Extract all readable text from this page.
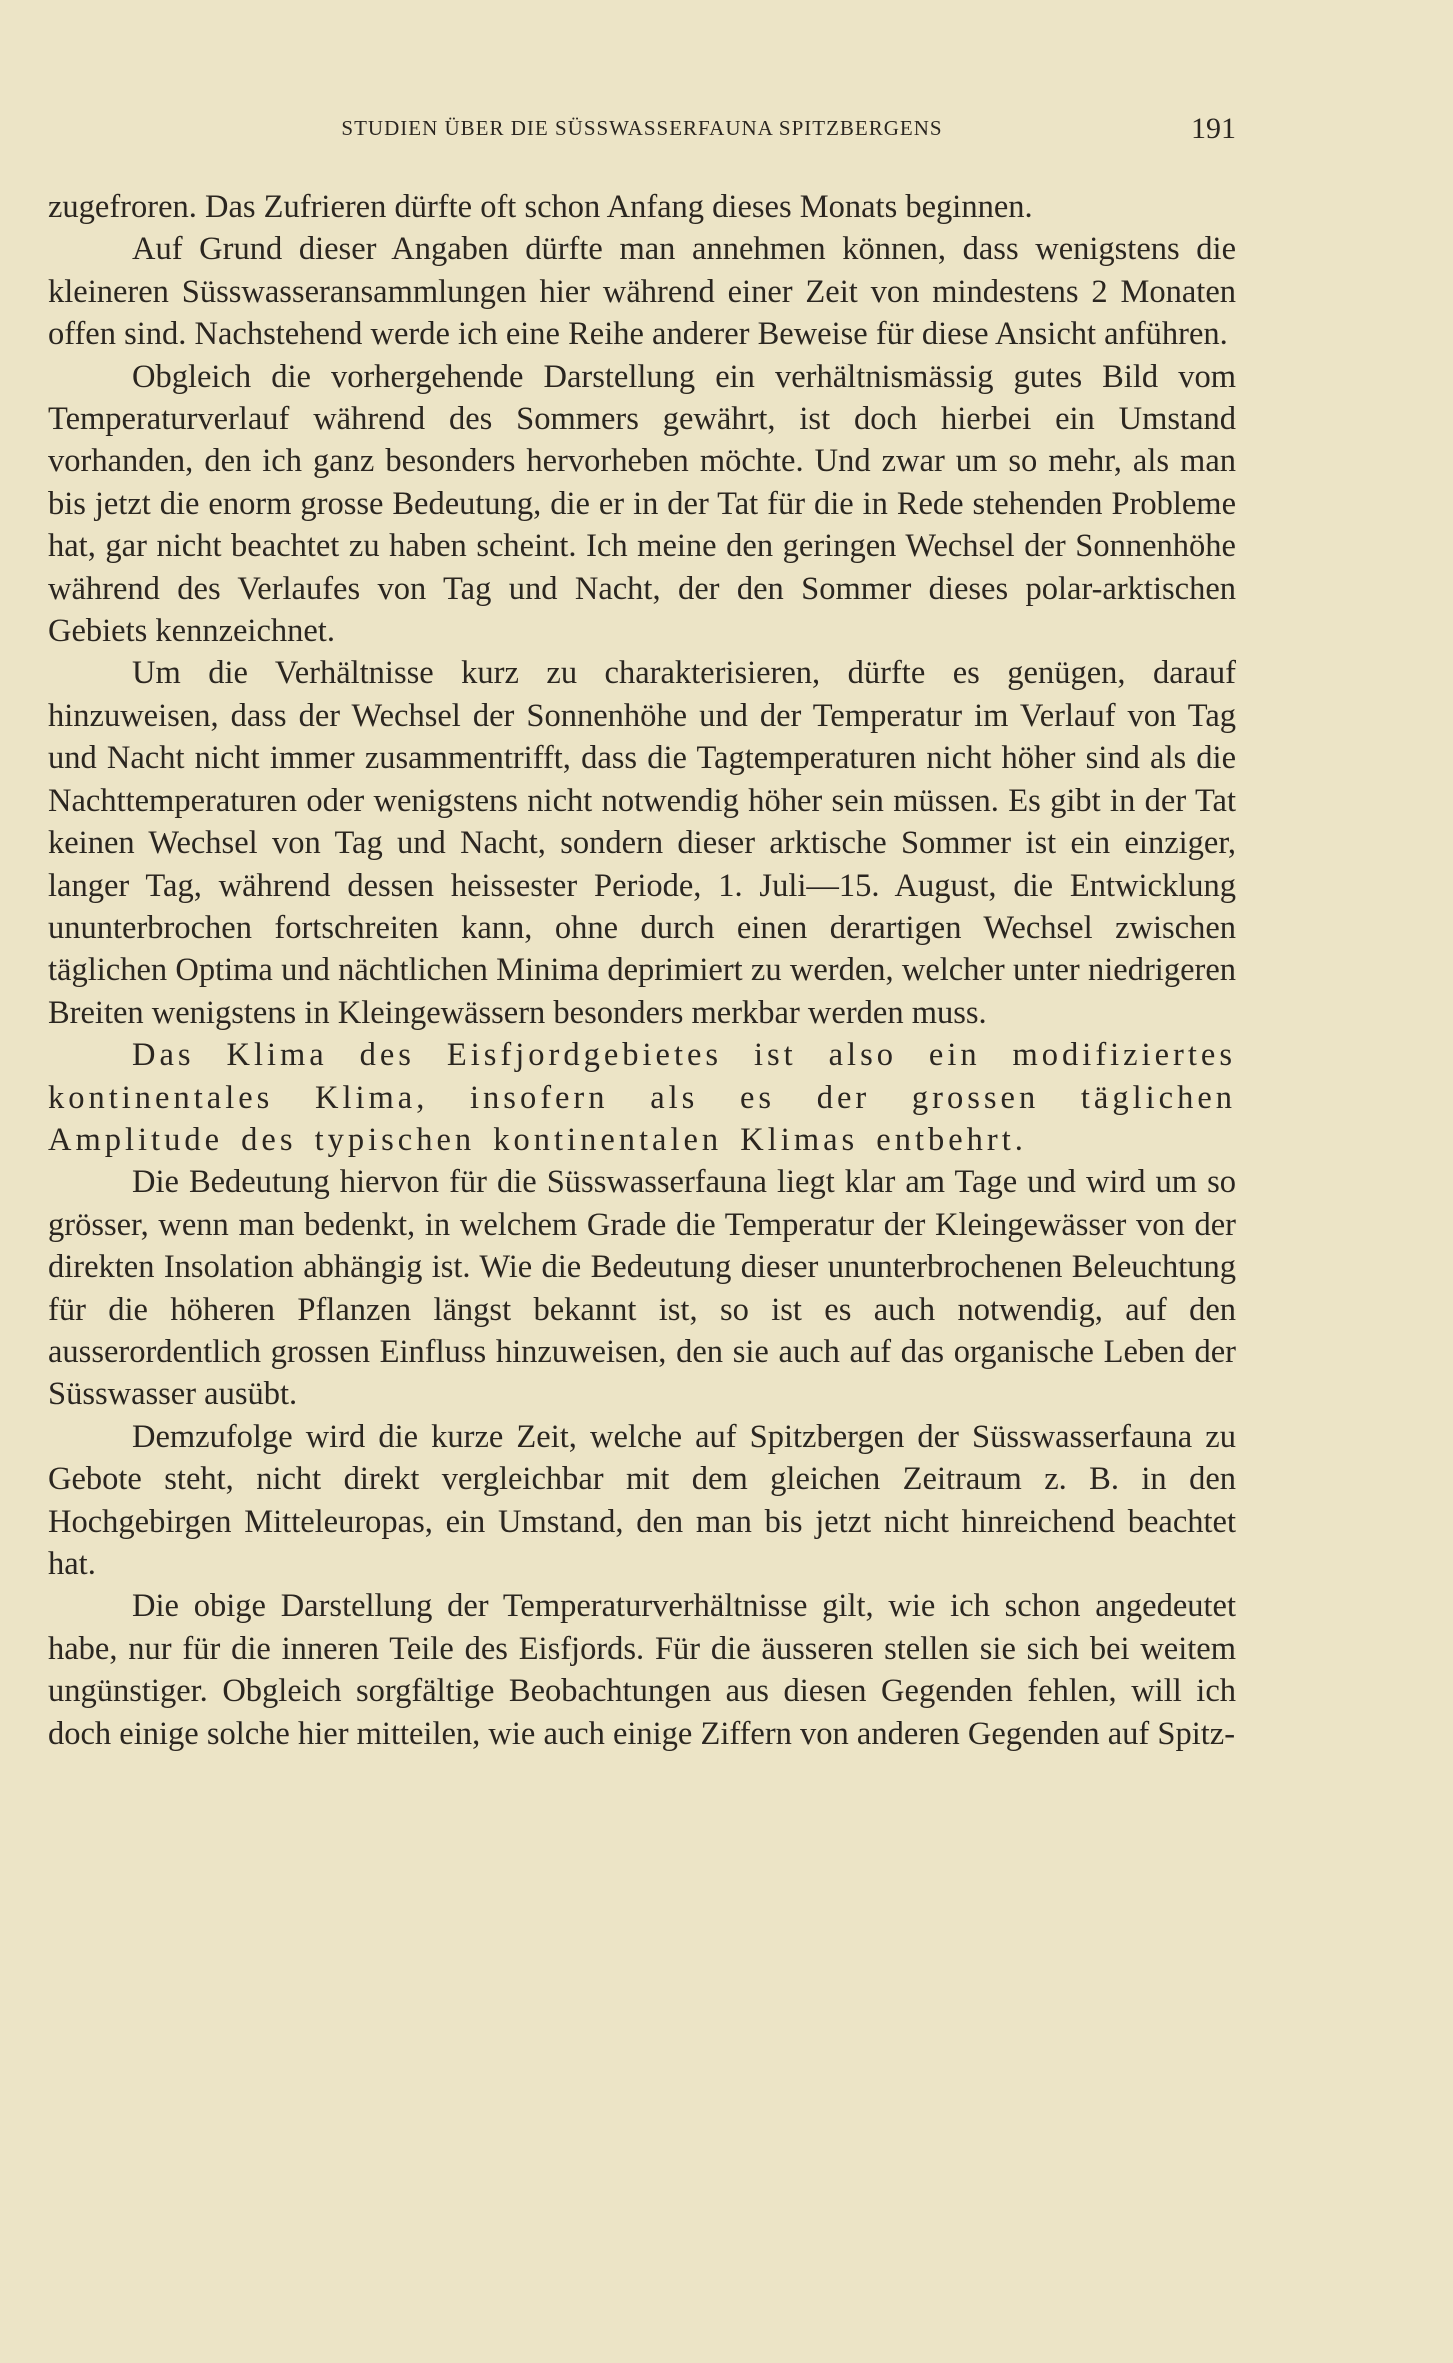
STUDIEN ÜBER DIE SÜSSWASSERFAUNA SPITZBERGENS	191

zugefroren. Das Zufrieren dürfte oft schon Anfang dieses Monats beginnen.

Auf Grund dieser Angaben dürfte man annehmen können, dass wenigstens die kleineren Süsswasseransammlungen hier während einer Zeit von mindestens 2 Monaten offen sind. Nachstehend werde ich eine Reihe anderer Beweise für diese Ansicht anführen.

Obgleich die vorhergehende Darstellung ein verhältnismässig gutes Bild vom Temperaturverlauf während des Sommers gewährt, ist doch hierbei ein Umstand vorhanden, den ich ganz besonders hervorheben möchte. Und zwar um so mehr, als man bis jetzt die enorm grosse Bedeutung, die er in der Tat für die in Rede stehenden Probleme hat, gar nicht beachtet zu haben scheint. Ich meine den geringen Wechsel der Sonnenhöhe während des Verlaufes von Tag und Nacht, der den Sommer dieses polar-arktischen Gebiets kennzeichnet.

Um die Verhältnisse kurz zu charakterisieren, dürfte es genügen, darauf hinzuweisen, dass der Wechsel der Sonnenhöhe und der Temperatur im Verlauf von Tag und Nacht nicht immer zusammentrifft, dass die Tagtemperaturen nicht höher sind als die Nachttemperaturen oder wenigstens nicht notwendig höher sein müssen. Es gibt in der Tat keinen Wechsel von Tag und Nacht, sondern dieser arktische Sommer ist ein einziger, langer Tag, während dessen heissester Periode, 1. Juli—15. August, die Entwicklung ununterbrochen fortschreiten kann, ohne durch einen derartigen Wechsel zwischen täglichen Optima und nächtlichen Minima deprimiert zu werden, welcher unter niedrigeren Breiten wenigstens in Kleingewässern besonders merkbar werden muss.

Das Klima des Eisfjordgebietes ist also ein modifiziertes kontinentales Klima, insofern als es der grossen täglichen Amplitude des typischen kontinentalen Klimas entbehrt.

Die Bedeutung hiervon für die Süsswasserfauna liegt klar am Tage und wird um so grösser, wenn man bedenkt, in welchem Grade die Temperatur der Kleingewässer von der direkten Insolation abhängig ist. Wie die Bedeutung dieser ununterbrochenen Beleuchtung für die höheren Pflanzen längst bekannt ist, so ist es auch notwendig, auf den ausserordentlich grossen Einfluss hinzuweisen, den sie auch auf das organische Leben der Süsswasser ausübt.

Demzufolge wird die kurze Zeit, welche auf Spitzbergen der Süsswasserfauna zu Gebote steht, nicht direkt vergleichbar mit dem gleichen Zeitraum z. B. in den Hochgebirgen Mitteleuropas, ein Umstand, den man bis jetzt nicht hinreichend beachtet hat.

Die obige Darstellung der Temperaturverhältnisse gilt, wie ich schon angedeutet habe, nur für die inneren Teile des Eisfjords. Für die äusseren stellen sie sich bei weitem ungünstiger. Obgleich sorgfältige Beobachtungen aus diesen Gegenden fehlen, will ich doch einige solche hier mitteilen, wie auch einige Ziffern von anderen Gegenden auf Spitz-
